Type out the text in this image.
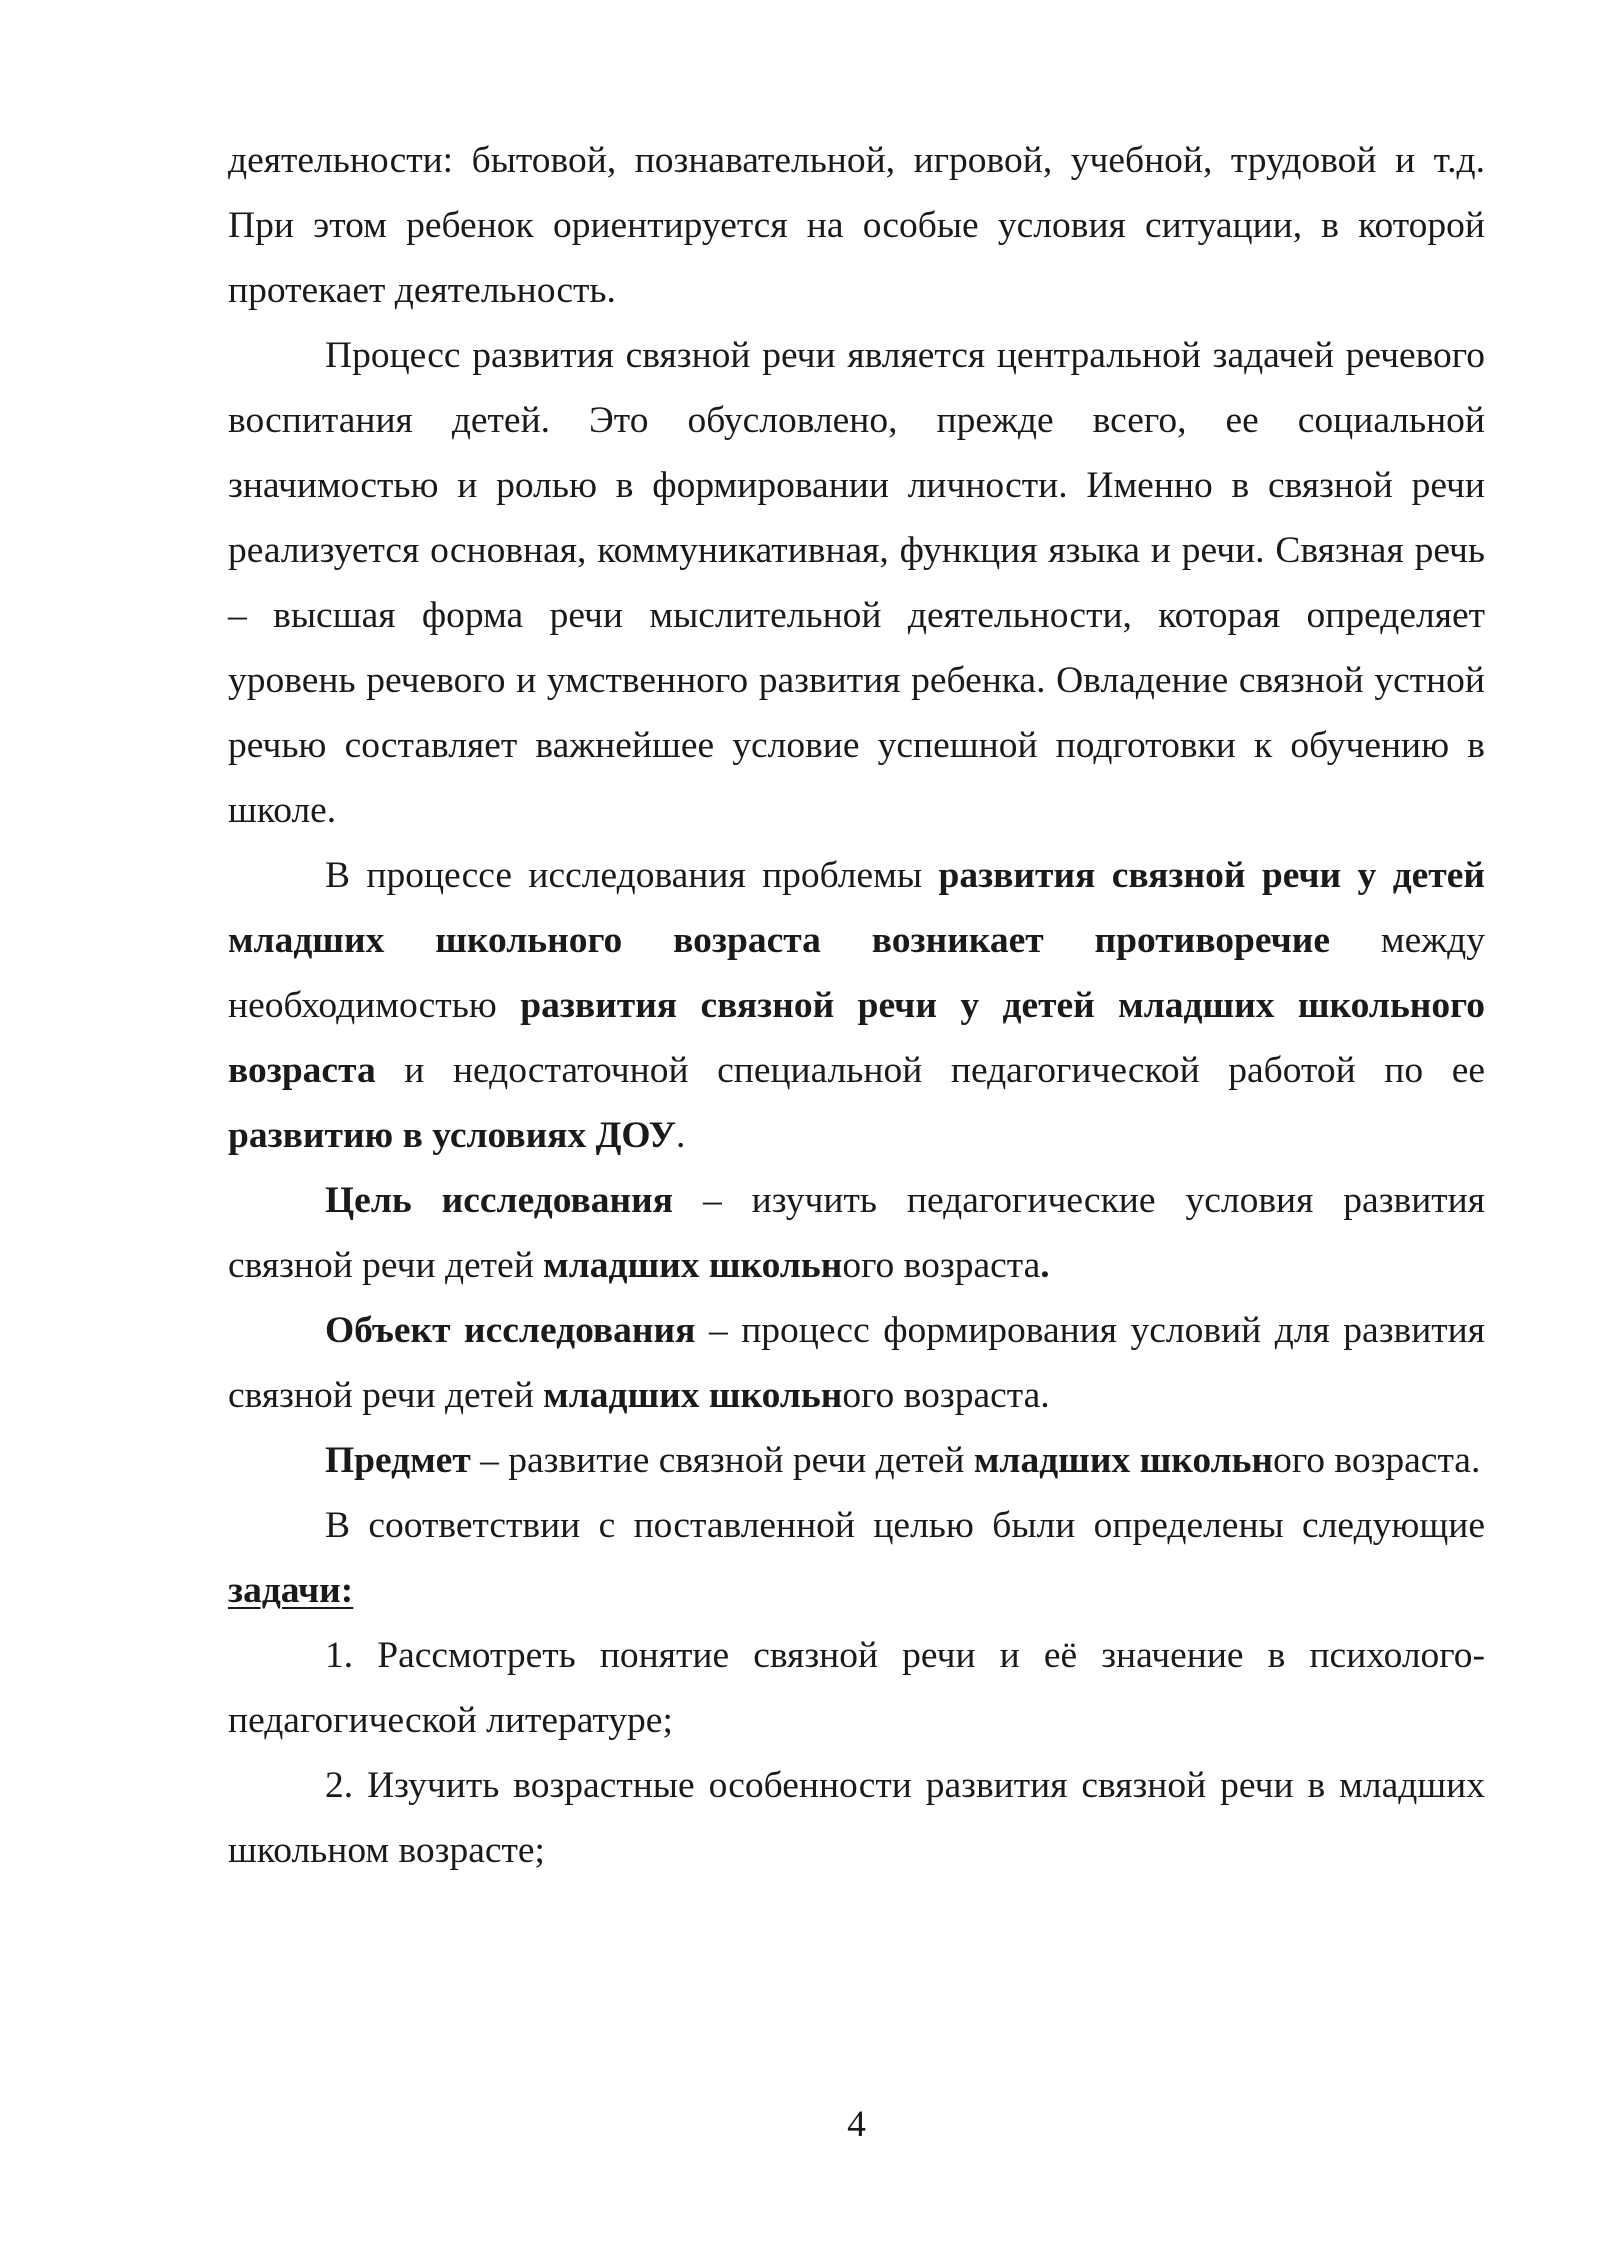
деятельности: бытовой, познавательной, игровой, учебной, трудовой и т.д. При этом ребенок ориентируется на особые условия ситуации, в которой протекает деятельность.

Процесс развития связной речи является центральной задачей речевого воспитания детей. Это обусловлено, прежде всего, ее социальной значимостью и ролью в формировании личности. Именно в связной речи реализуется основная, коммуникативная, функция языка и речи. Связная речь – высшая форма речи мыслительной деятельности, которая определяет уровень речевого и умственного развития ребенка. Овладение связной устной речью составляет важнейшее условие успешной подготовки к обучению в школе.

В процессе исследования проблемы развития связной речи у детей младших школьного возраста возникает противоречие между необходимостью развития связной речи у детей младших школьного возраста и недостаточной специальной педагогической работой по ее развитию в условиях ДОУ.

Цель исследования – изучить педагогические условия развития связной речи детей младших школьного возраста.

Объект исследования – процесс формирования условий для развития связной речи детей младших школьного возраста.

Предмет – развитие связной речи детей младших школьного возраста.

В соответствии с поставленной целью были определены следующие задачи:

1. Рассмотреть понятие связной речи и её значение в психолого-педагогической литературе;

2. Изучить возрастные особенности развития связной речи в младших школьном возрасте;

4
